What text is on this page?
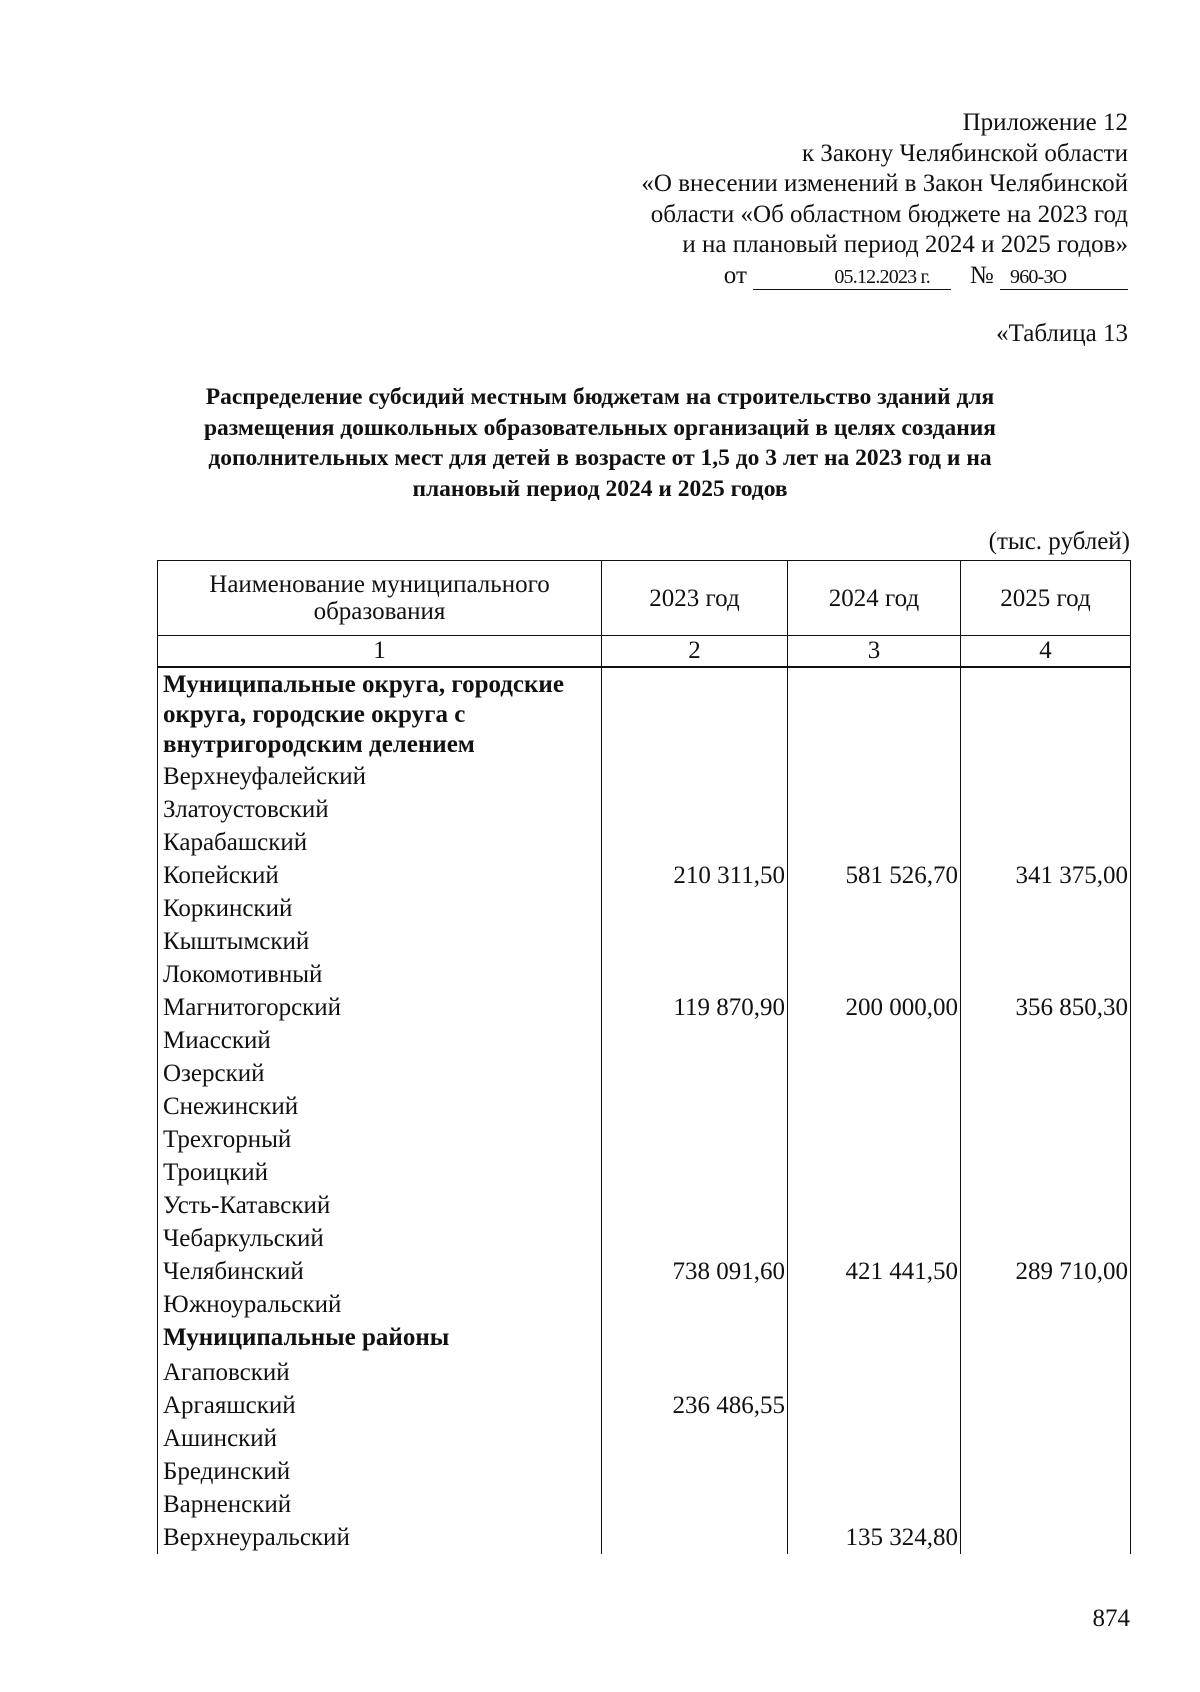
Приложение 12
к Закону Челябинской области
«О внесении изменений в Закон Челябинской
области «Об областном бюджете на 2023 год
и на плановый период 2024 и 2025 годов»
от	05.12.2023 г. № 960-ЗО
«Таблица 13
Распределение субсидий местным бюджетам на строительство зданий для
размещения дошкольных образовательных организаций в целях создания
дополнительных мест для детей в возрасте от 1,5 до 3 лет на 2023 год и на
плановый период 2024 и 2025 годов
(тыс. рублей)
Наименование муниципального образования	2023 год	2024 год	2025 год
1	2	3	4
Муниципальные округа, городские округа, городские округа с внутригородским делением			
Верхнеуфалейский			
Златоустовский			
Карабашский			
Копейский	210 311,50	581 526,70	341 375,00
Коркинский			
Кыштымский			
Локомотивный			
Магнитогорский	119 870,90	200 000,00	356 850,30
Миасский			
Озерский			
Снежинский			
Трехгорный			
Троицкий			
Усть-Катавский			
Чебаркульский			
Челябинский	738 091,60	421 441,50	289 710,00
Южноуральский			
Муниципальные районы			
Агаповский			
Аргаяшский	236 486,55		
Ашинский			
Брединский			
Варненский			
Верхнеуральский		135 324,80	
874
